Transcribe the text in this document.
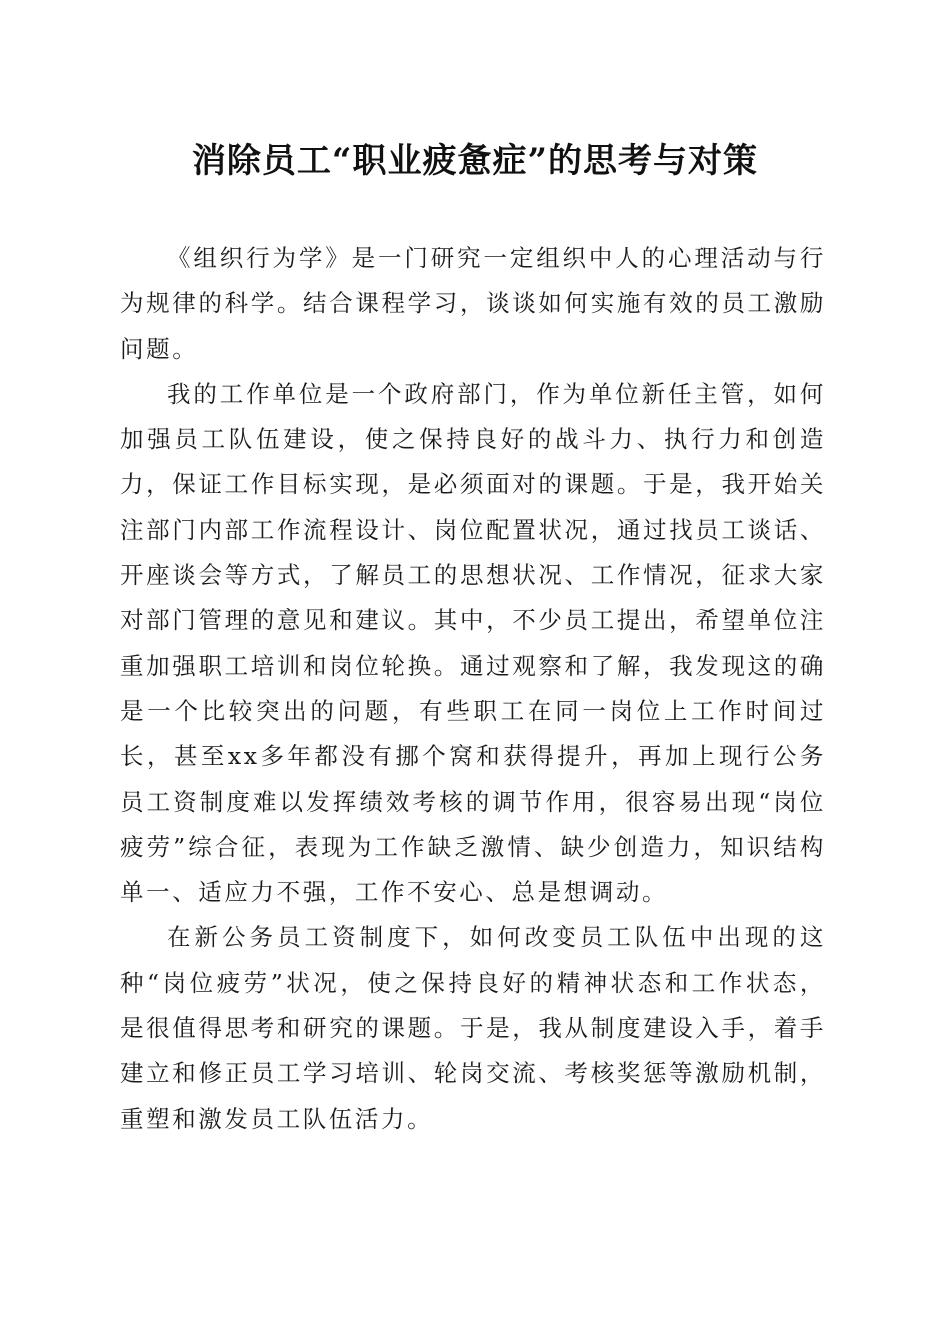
消除员工“职业疲惫症”的思考与对策

《组织行为学》是一门研究一定组织中人的心理活动与行为规律的科学。结合课程学习，谈谈如何实施有效的员工激励问题。

我的工作单位是一个政府部门，作为单位新任主管，如何加强员工队伍建设，使之保持良好的战斗力、执行力和创造力，保证工作目标实现，是必须面对的课题。于是，我开始关注部门内部工作流程设计、岗位配置状况，通过找员工谈话、开座谈会等方式，了解员工的思想状况、工作情况，征求大家对部门管理的意见和建议。其中，不少员工提出，希望单位注重加强职工培训和岗位轮换。通过观察和了解，我发现这的确是一个比较突出的问题，有些职工在同一岗位上工作时间过长，甚至xx多年都没有挪个窝和获得提升，再加上现行公务员工资制度难以发挥绩效考核的调节作用，很容易出现“岗位疲劳”综合征，表现为工作缺乏激情、缺少创造力，知识结构单一、适应力不强，工作不安心、总是想调动。

在新公务员工资制度下，如何改变员工队伍中出现的这种“岗位疲劳”状况，使之保持良好的精神状态和工作状态，是很值得思考和研究的课题。于是，我从制度建设入手，着手建立和修正员工学习培训、轮岗交流、考核奖惩等激励机制，重塑和激发员工队伍活力。
